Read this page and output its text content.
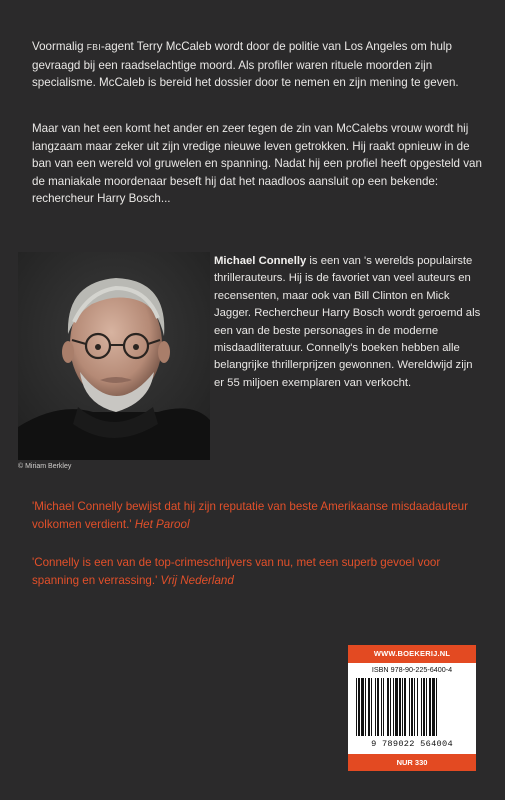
Voormalig FBI-agent Terry McCaleb wordt door de politie van Los Angeles om hulp gevraagd bij een raadselachtige moord. Als profiler waren rituele moorden zijn specialisme. McCaleb is bereid het dossier door te nemen en zijn mening te geven.

Maar van het een komt het ander en zeer tegen de zin van McCalebs vrouw wordt hij langzaam maar zeker uit zijn vredige nieuwe leven getrokken. Hij raakt opnieuw in de ban van een wereld vol gruwelen en spanning. Nadat hij een profiel heeft opgesteld van de maniakale moordenaar beseft hij dat het naadloos aansluit op een bekende: rechercheur Harry Bosch...

© Miriam Berkley

Michael Connelly is een van 's werelds populairste thrillerauteurs. Hij is de favoriet van veel auteurs en recensenten, maar ook van Bill Clinton en Mick Jagger. Rechercheur Harry Bosch wordt geroemd als een van de beste personages in de moderne misdaadliteratuur. Connelly's boeken hebben alle belangrijke thrillerprijzen gewonnen. Wereldwijd zijn er 55 miljoen exemplaren van verkocht.

'Michael Connelly bewijst dat hij zijn reputatie van beste Amerikaanse misdaadauteur volkomen verdient.' Het Parool

'Connelly is een van de top-crimeschrijvers van nu, met een superb gevoel voor spanning en verrassing.' Vrij Nederland

WWW.BOEKERIJ.NL
ISBN 978-90-225-6400-4
9 789022 564004
NUR 330
